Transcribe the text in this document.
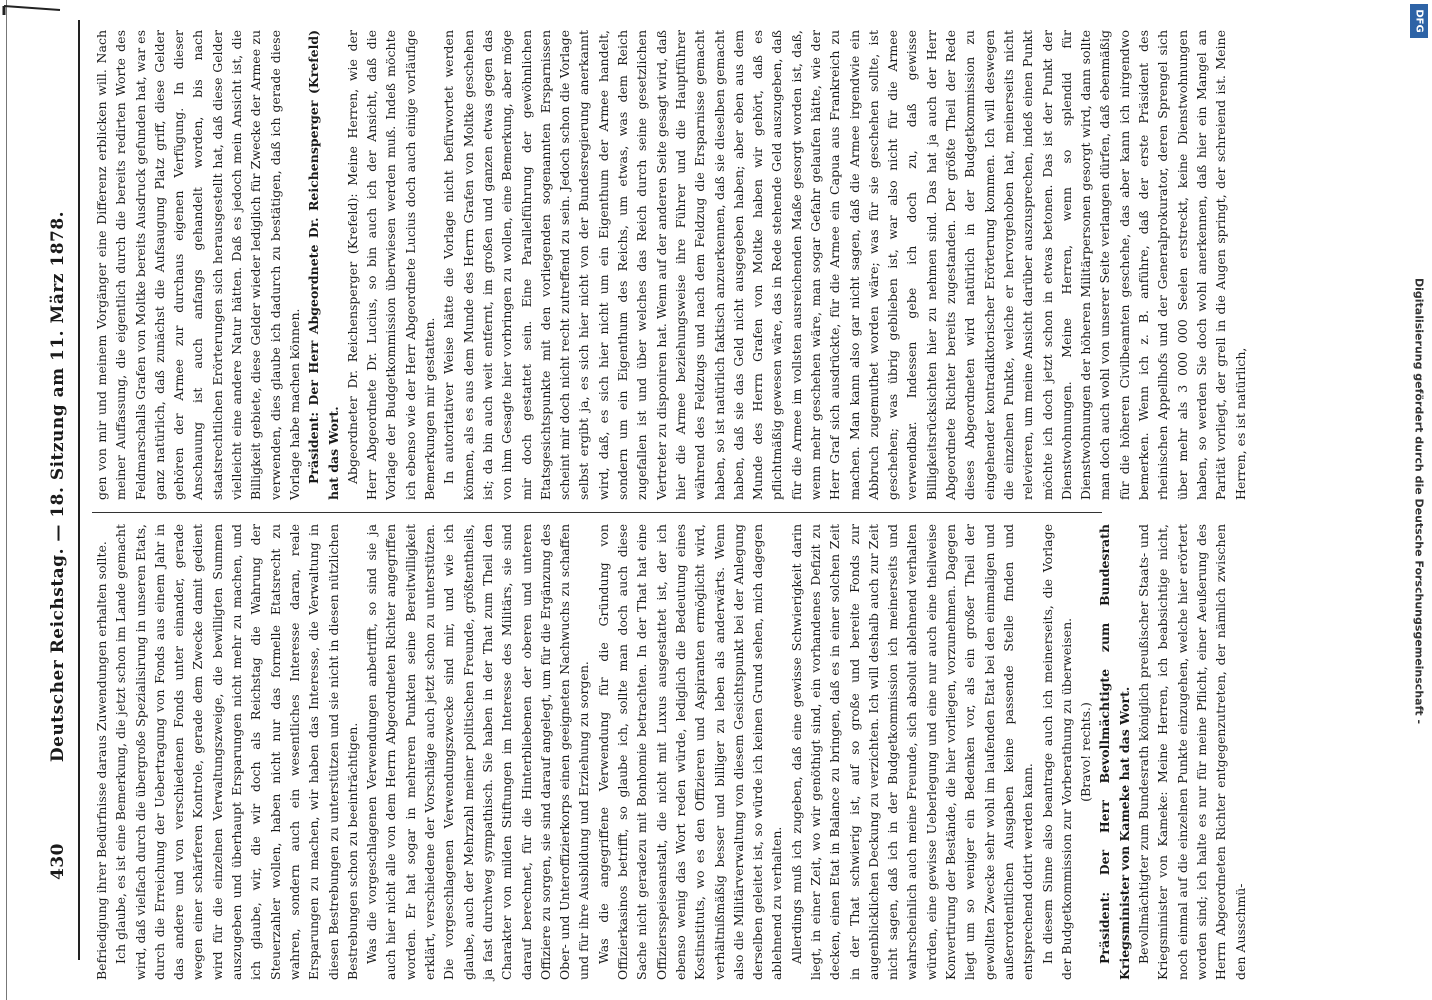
430
Deutscher Reichstag. — 18. Sitzung am 11. März 1878. Befriedigung ihrer Bedürfnisse daraus Zuwendungen erhalten sollte. Ich glaube, es ist eine Bemerkung, die jetzt schon im Lande gemacht wird, daß vielfach durch die übergroße Spezialisirung in unseren Etats, durch die Erreichung der Uebertragung von Fonds aus einem Jahr in das andere und von verschiedenen Fonds unter einander, gerade wegen einer schärferen Kontrole, gerade dem Zwecke damit gedient wird für die einzelnen Verwaltungszweige, die bewilligten Summen auszugeben und überhaupt Ersparungen nicht mehr zu machen, und ich glaube, wir, die wir doch als Reichstag die Wahrung der Steuerzahler wollen, haben nicht nur das formelle Etatsrecht zu wahren, sondern auch ein wesentliches Interesse daran, reale Ersparungen zu machen, wir haben das Interesse, die Verwaltung in diesen Bestrebungen zu unterstützen und sie nicht in diesen nützlichen Bestrebungen schon zu beeinträchtigen. Was die vorgeschlagenen Verwendungen anbetrifft, so sind sie ja auch hier nicht alle von dem Herrn Abgeordneten Richter angegriffen worden. Er hat sogar in mehreren Punkten seine Bereitwilligkeit erklärt, verschiedene der Vorschläge auch jetzt schon zu unterstützen. Die vorgeschlagenen Verwendungszwecke sind mir, und wie ich glaube, auch der Mehrzahl meiner politischen Freunde, größtentheils, ja fast durchweg sympathisch. Sie haben in der That zum Theil den Charakter von milden Stiftungen im Interesse des Militärs, sie sind darauf berechnet, für die Hinterbliebenen der oberen und unteren Offiziere zu sorgen, sie sind darauf angelegt, um für die Ergänzung des Ober- und Unteroffizierkorps einen geeigneten Nachwuchs zu schaffen und für ihre Ausbildung und Erziehung zu sorgen. Was die angegriffene Verwendung für die Gründung von Offizierkasinos betrifft, so glaube ich, sollte man doch auch diese Sache nicht geradezu mit Bonhomie betrachten. In der That hat eine Offiziersspeiseanstalt, die nicht mit Luxus ausgestattet ist, der ich ebenso wenig das Wort reden würde, lediglich die Bedeutung eines Kostinstituts, wo es den Offizieren und Aspiranten ermöglicht wird, verhältnißmäßig besser und billiger zu leben als anderwärts. Wenn also die Militärverwaltung von diesem Gesichtspunkt bei der Anlegung derselben geleitet ist, so würde ich keinen Grund sehen, mich dagegen ablehnend zu verhalten. Allerdings muß ich zugeben, daß eine gewisse Schwierigkeit darin liegt, in einer Zeit, wo wir genöthigt sind, ein vorhandenes Defizit zu decken, einen Etat in Balance zu bringen, daß es in einer solchen Zeit in der That schwierig ist, auf so große und bereite Fonds zur augenblicklichen Deckung zu verzichten. Ich will deshalb auch zur Zeit nicht sagen, daß ich in der Budgetkommission ich meinerseits und wahrscheinlich auch meine Freunde, sich absolut ablehnend verhalten würden, eine gewisse Ueberlegung und eine nur auch eine theilweise Konvertirung der Bestände, die hier vorliegen, vorzunehmen. Dagegen liegt um so weniger ein Bedenken vor, als ein großer Theil der gewollten Zwecke sehr wohl im laufenden Etat bei den einmaligen und außerordentlichen Ausgaben keine passende Stelle finden und entsprechend dotirt werden kann. In diesem Sinne also beantrage auch ich meinerseits, die Vorlage der Budgetkommission zur Vorberathung zu überweisen. (Bravo! rechts.) Präsident: Der Herr Bevollmächtigte zum Bundesrath Kriegsminister von Kameke hat das Wort. Bevollmächtigter zum Bundesrath königlich preußischer Staats- und Kriegsminister von Kameke: Meine Herren, ich beabsichtige nicht, noch einmal auf die einzelnen Punkte einzugehen, welche hier erörtert worden sind; ich halte es nur für meine Pflicht, einer Aeußerung des Herrn Abgeordneten Richter entgegenzutreten, der nämlich zwischen den Ausschmü-

gen von mir und meinem Vorgänger eine Differenz erblicken will. Nach meiner Auffassung, die eigentlich durch die bereits redirten Worte des Feldmarschalls Grafen von Moltke bereits Ausdruck gefunden hat, war es ganz natürlich, daß zunächst die Aufsaugung Platz griff, diese Gelder gehören der Armee zur durchaus eigenen Verfügung. In dieser Anschauung ist auch anfangs gehandelt worden, bis nach staatsrechtlichen Erörterungen sich herausgestellt hat, daß diese Gelder vielleicht eine andere Natur hätten. Daß es jedoch mein Ansicht ist, die Billigkeit gebiete, diese Gelder wieder lediglich für Zwecke der Armee zu verwenden, dies glaube ich dadurch zu bestätigen, daß ich gerade diese Vorlage habe machen können. Präsident: Der Herr Abgeordnete Dr. Reichensperger (Krefeld) hat das Wort. Abgeordneter Dr. Reichensperger (Krefeld): Meine Herren, wie der Herr Abgeordnete Dr. Lucius, so bin auch ich der Ansicht, daß die Vorlage der Budgetkommission überwiesen werden muß. Indeß möchte ich ebenso wie der Herr Abgeordnete Lucius doch auch einige vorläufige Bemerkungen mir gestatten. In autoritativer Weise hätte die Vorlage nicht befürwortet werden können, als es aus dem Munde des Herrn Grafen von Moltke geschehen ist; da bin auch weit entfernt, im großen und ganzen etwas gegen das von ihm Gesagte hier vorbringen zu wollen, eine Bemerkung, aber möge mir doch gestattet sein. Eine Parallelführung der gewöhnlichen Etatsgesichtspunkte mit den vorliegenden sogenannten Ersparnissen scheint mir doch nicht recht zutreffend zu sein. Jedoch schon die Vorlage selbst ergibt ja, es sich hier nicht von der Bundesregierung anerkannt wird, daß, es sich hier nicht um ein Eigenthum der Armee handelt, sondern um ein Eigenthum des Reichs, um etwas, was dem Reich zugefallen ist und über welches das Reich durch seine gesetzlichen Vertreter zu disponiren hat. Wenn auf der anderen Seite gesagt wird, daß hier die Armee beziehungsweise ihre Führer und die Hauptführer während des Feldzugs und nach dem Feldzug die Ersparnisse gemacht haben, so ist natürlich faktisch anzuerkennen, daß sie dieselben gemacht haben, daß sie das Geld nicht ausgegeben haben; aber eben aus dem Munde des Herrn Grafen von Moltke haben wir gehört, daß es pflichtmäßig gewesen wäre, das in Rede stehende Geld auszugeben, daß für die Armee im vollsten ausreichenden Maße gesorgt worden ist, daß, wenn mehr geschehen wäre, man sogar Gefahr gelaufen hätte, wie der Herr Graf sich ausdrückte, für die Armee ein Capua aus Frankreich zu machen. Man kann also gar nicht sagen, daß die Armee irgendwie ein Abbruch zugemuthet worden wäre; was für sie geschehen sollte, ist geschehen; was übrig geblieben ist, war also nicht für die Armee verwendbar. Indessen gebe ich doch zu, daß gewisse Billigkeitsrücksichten hier zu nehmen sind. Das hat ja auch der Herr Abgeordnete Richter bereits zugestanden. Der größte Theil der Rede dieses Abgeordneten wird natürlich in der Budgetkommission zu eingehender kontradiktorischer Erörterung kommen. Ich will deswegen die einzelnen Punkte, welche er hervorgehoben hat, meinerseits nicht relevieren, um meine Ansicht darüber auszusprechen, indeß einen Punkt möchte ich doch jetzt schon in etwas betonen. Das ist der Punkt der Dienstwohnungen. Meine Herren, wenn so splendid für Dienstwohnungen der höheren Militärpersonen gesorgt wird, dann sollte man doch auch wohl von unserer Seite verlangen dürfen, daß ebenmäßig für die höheren Civilbeamten geschehe, das aber kann ich nirgendwo bemerken. Wenn ich z. B. anführe, daß der erste Präsident des rheinischen Appellhofs und der Generalprokurator, deren Sprengel sich über mehr als 3 000 000 Seelen erstreckt, keine Dienstwohnungen haben, so werden Sie doch wohl anerkennen, daß hier ein Mangel an Parität vorliegt, der grell in die Augen springt, der schreiend ist. Meine Herren, es ist natürlich,	Digitalisierung gefördert durch die Deutsche Forschungsgemeinschaft -
DFG
